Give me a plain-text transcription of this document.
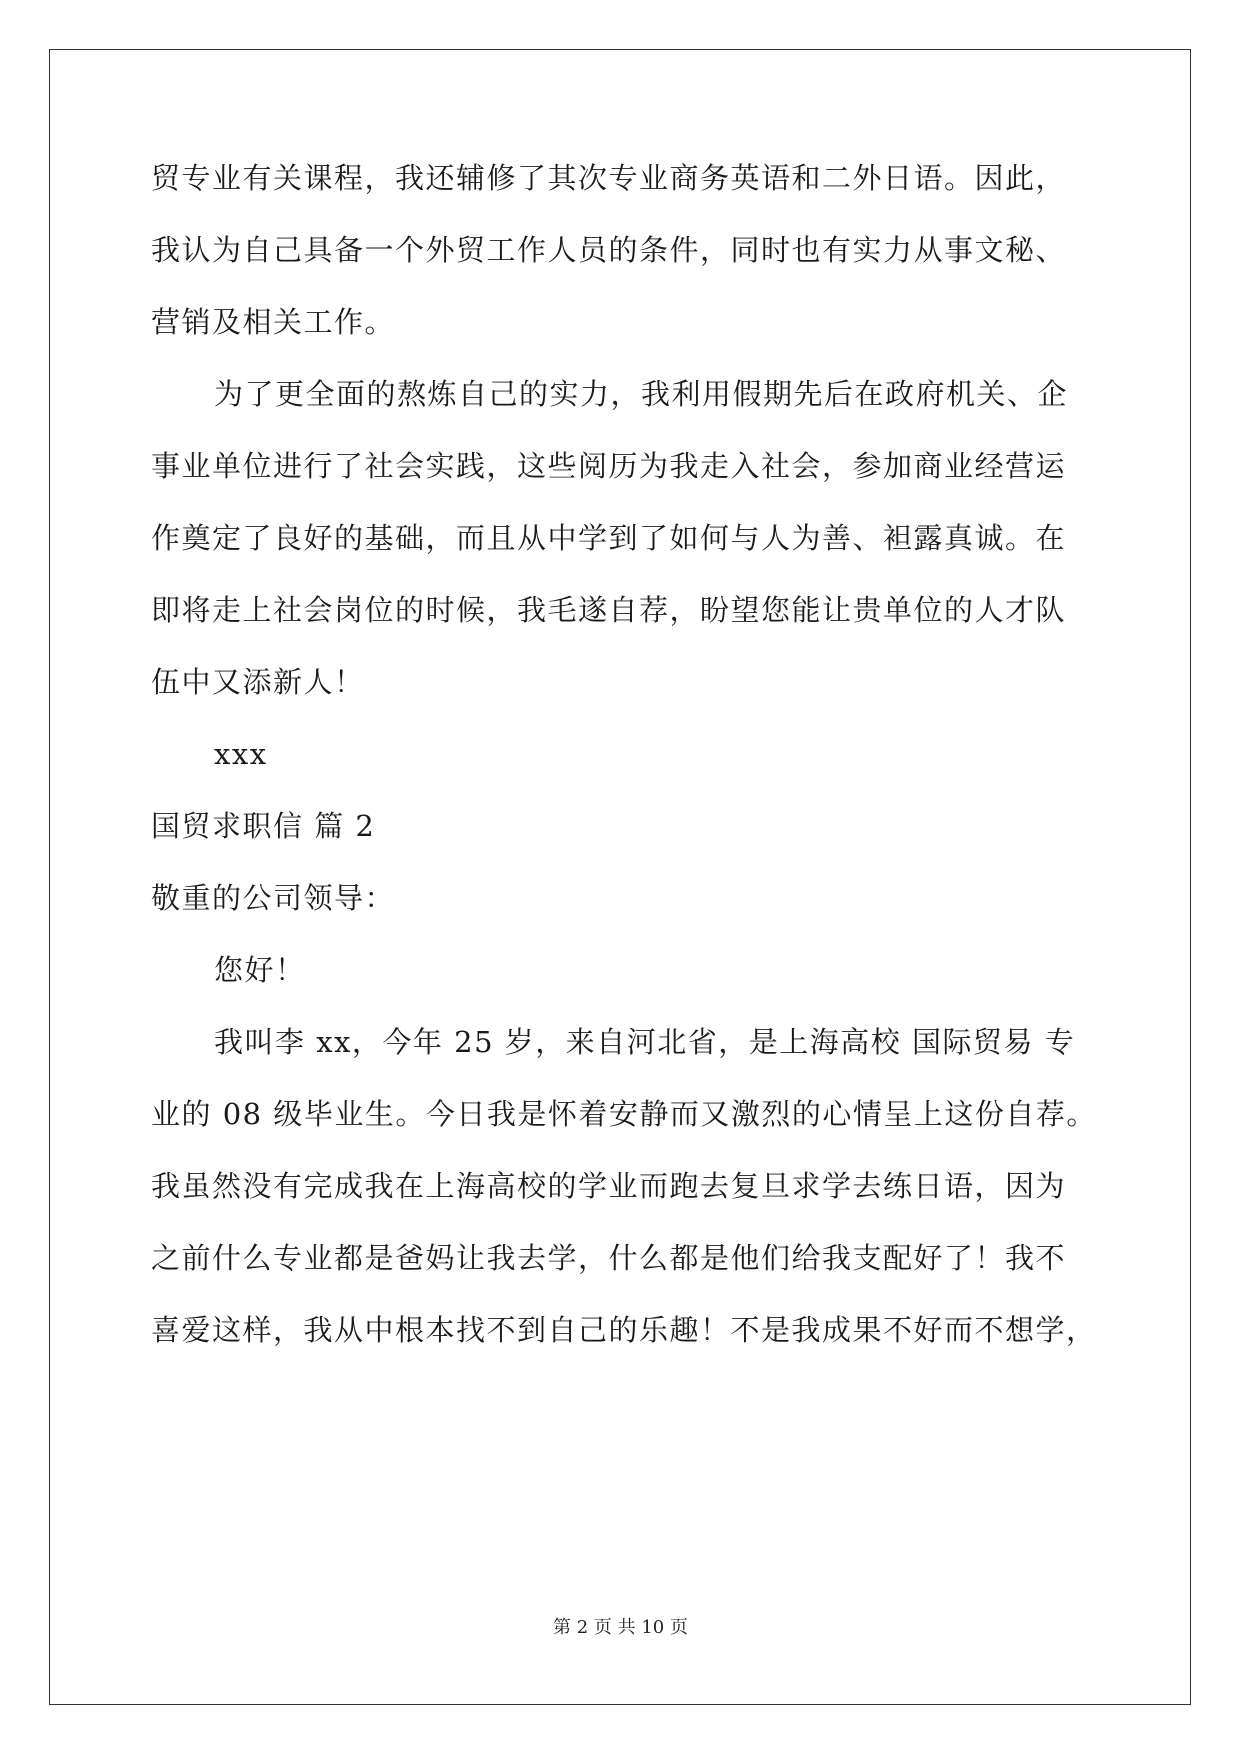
贸专业有关课程，我还辅修了其次专业商务英语和二外日语。因此，
我认为自己具备一个外贸工作人员的条件，同时也有实力从事文秘、
营销及相关工作。
为了更全面的熬炼自己的实力，我利用假期先后在政府机关、企
事业单位进行了社会实践，这些阅历为我走入社会，参加商业经营运
作奠定了良好的基础，而且从中学到了如何与人为善、袒露真诚。在
即将走上社会岗位的时候，我毛遂自荐，盼望您能让贵单位的人才队
伍中又添新人！
xxx
国贸求职信 篇 2
敬重的公司领导：
您好！
我叫李 xx，今年 25 岁，来自河北省，是上海高校 国际贸易 专
业的 08 级毕业生。今日我是怀着安静而又激烈的心情呈上这份自荐。
我虽然没有完成我在上海高校的学业而跑去复旦求学去练日语，因为
之前什么专业都是爸妈让我去学，什么都是他们给我支配好了！我不
喜爱这样，我从中根本找不到自己的乐趣！不是我成果不好而不想学，
第 2 页 共 10 页
